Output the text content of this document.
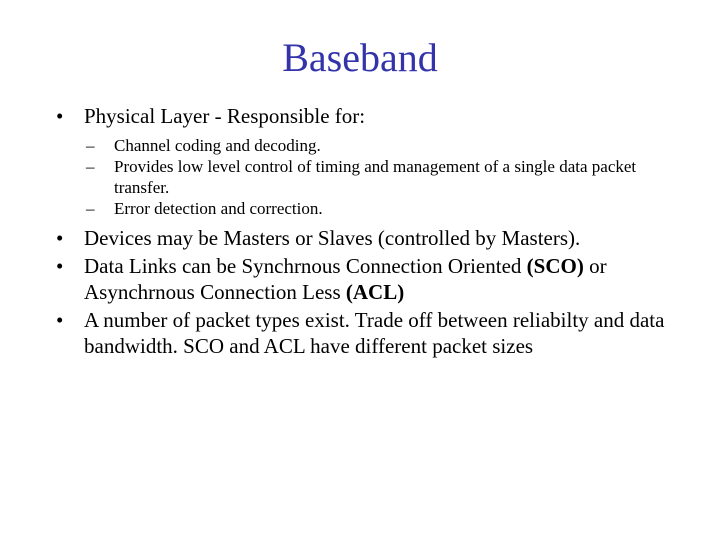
Baseband
• Physical Layer - Responsible for:
– Channel coding and decoding.
– Provides low level control of timing and management of a single data packet transfer.
– Error detection and correction.
• Devices may be Masters or Slaves (controlled by Masters).
• Data Links can be Synchrnous Connection Oriented (SCO) or Asynchrnous Connection Less (ACL)
• A number of packet types exist. Trade off between reliabilty and data bandwidth. SCO and ACL have different packet sizes
